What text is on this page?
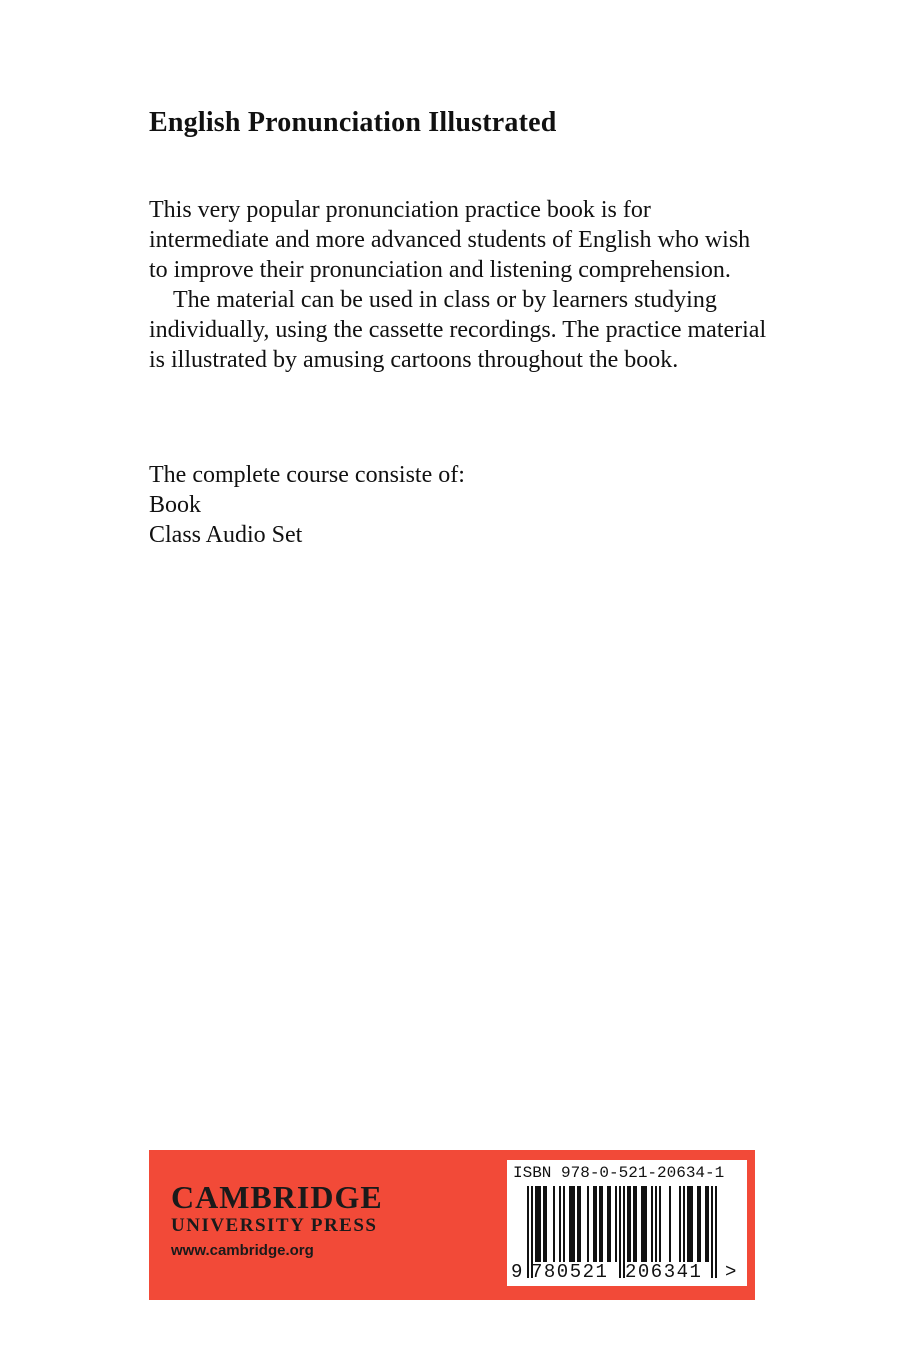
English Pronunciation Illustrated

This very popular pronunciation practice book is for intermediate and more advanced students of English who wish to improve their pronunciation and listening comprehension.

The material can be used in class or by learners studying individually, using the cassette recordings. The practice material is illustrated by amusing cartoons throughout the book.

The complete course consiste of:
Book
Class Audio Set
CAMBRIDGE
UNIVERSITY PRESS
www.cambridge.org
ISBN 978-0-521-20634-1
9 780521 206341 >
